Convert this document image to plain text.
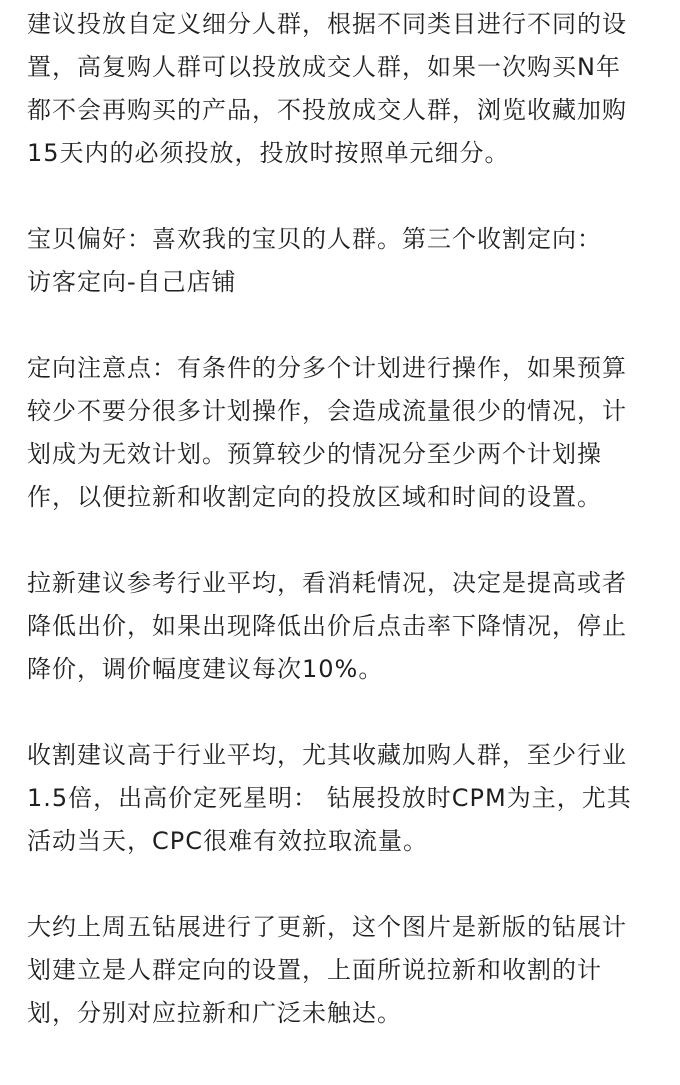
建议投放自定义细分人群，根据不同类目进行不同的设
置，高复购人群可以投放成交人群，如果一次购买N年
都不会再购买的产品，不投放成交人群，浏览收藏加购
15天内的必须投放，投放时按照单元细分。
宝贝偏好：喜欢我的宝贝的人群。第三个收割定向：
访客定向-自己店铺
定向注意点：有条件的分多个计划进行操作，如果预算
较少不要分很多计划操作，会造成流量很少的情况，计
划成为无效计划。预算较少的情况分至少两个计划操
作，以便拉新和收割定向的投放区域和时间的设置。
拉新建议参考行业平均，看消耗情况，决定是提高或者
降低出价，如果出现降低出价后点击率下降情况，停止
降价，调价幅度建议每次10%。
收割建议高于行业平均，尤其收藏加购人群，至少行业
1.5倍，出高价定死星明： 钻展投放时CPM为主，尤其
活动当天，CPC很难有效拉取流量。
大约上周五钻展进行了更新，这个图片是新版的钻展计
划建立是人群定向的设置，上面所说拉新和收割的计
划，分别对应拉新和广泛未触达。
